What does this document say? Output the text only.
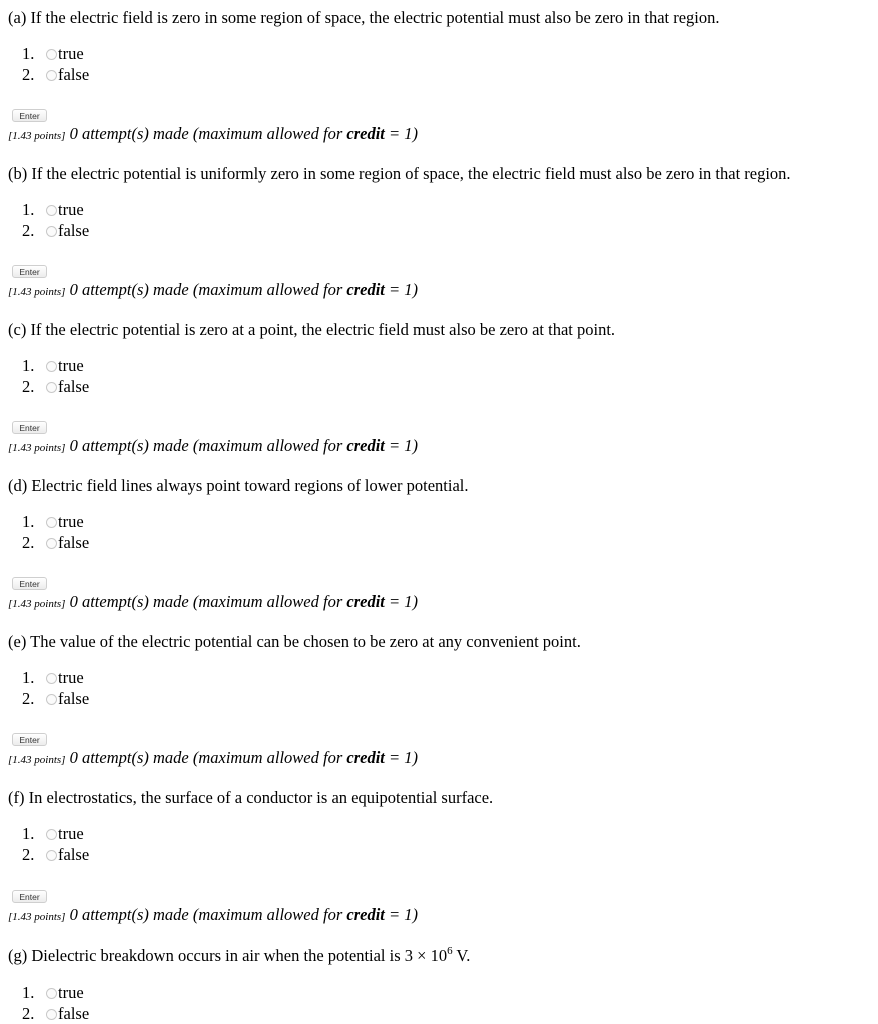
(a) If the electric field is zero in some region of space, the electric potential must also be zero in that region.
1. true
2. false
Enter
[1.43 points] 0 attempt(s) made (maximum allowed for credit = 1)
(b) If the electric potential is uniformly zero in some region of space, the electric field must also be zero in that region.
1. true
2. false
Enter
[1.43 points] 0 attempt(s) made (maximum allowed for credit = 1)
(c) If the electric potential is zero at a point, the electric field must also be zero at that point.
1. true
2. false
Enter
[1.43 points] 0 attempt(s) made (maximum allowed for credit = 1)
(d) Electric field lines always point toward regions of lower potential.
1. true
2. false
Enter
[1.43 points] 0 attempt(s) made (maximum allowed for credit = 1)
(e) The value of the electric potential can be chosen to be zero at any convenient point.
1. true
2. false
Enter
[1.43 points] 0 attempt(s) made (maximum allowed for credit = 1)
(f) In electrostatics, the surface of a conductor is an equipotential surface.
1. true
2. false
Enter
[1.43 points] 0 attempt(s) made (maximum allowed for credit = 1)
(g) Dielectric breakdown occurs in air when the potential is $3 \times 10^6$ V.
1. true
2. false
